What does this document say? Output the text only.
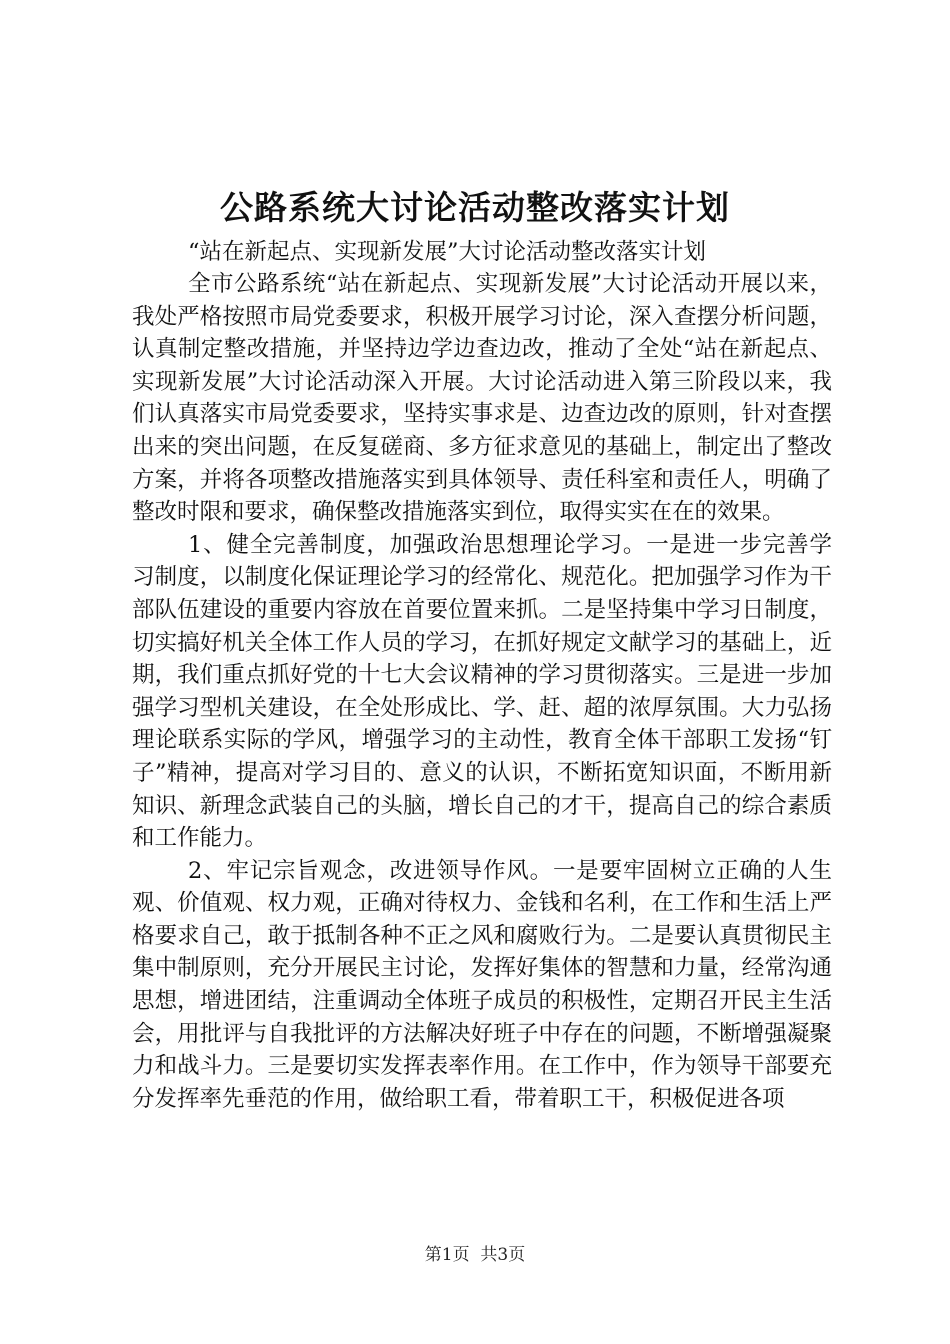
公路系统大讨论活动整改落实计划

“站在新起点、实现新发展”大讨论活动整改落实计划

全市公路系统“站在新起点、实现新发展”大讨论活动开展以来，我处严格按照市局党委要求，积极开展学习讨论，深入查摆分析问题，认真制定整改措施，并坚持边学边查边改，推动了全处“站在新起点、实现新发展”大讨论活动深入开展。大讨论活动进入第三阶段以来，我们认真落实市局党委要求，坚持实事求是、边查边改的原则，针对查摆出来的突出问题，在反复磋商、多方征求意见的基础上，制定出了整改方案，并将各项整改措施落实到具体领导、责任科室和责任人，明确了整改时限和要求，确保整改措施落实到位，取得实实在在的效果。

1、健全完善制度，加强政治思想理论学习。一是进一步完善学习制度，以制度化保证理论学习的经常化、规范化。把加强学习作为干部队伍建设的重要内容放在首要位置来抓。二是坚持集中学习日制度，切实搞好机关全体工作人员的学习，在抓好规定文献学习的基础上，近期，我们重点抓好党的十七大会议精神的学习贯彻落实。三是进一步加强学习型机关建设，在全处形成比、学、赶、超的浓厚氛围。大力弘扬理论联系实际的学风，增强学习的主动性，教育全体干部职工发扬“钉子”精神，提高对学习目的、意义的认识，不断拓宽知识面，不断用新知识、新理念武装自己的头脑，增长自己的才干，提高自己的综合素质和工作能力。

2、牢记宗旨观念，改进领导作风。一是要牢固树立正确的人生观、价值观、权力观，正确对待权力、金钱和名利，在工作和生活上严格要求自己，敢于抵制各种不正之风和腐败行为。二是要认真贯彻民主集中制原则，充分开展民主讨论，发挥好集体的智慧和力量，经常沟通思想，增进团结，注重调动全体班子成员的积极性，定期召开民主生活会，用批评与自我批评的方法解决好班子中存在的问题，不断增强凝聚力和战斗力。三是要切实发挥表率作用。在工作中，作为领导干部要充分发挥率先垂范的作用，做给职工看，带着职工干，积极促进各项

第1页  共3页
